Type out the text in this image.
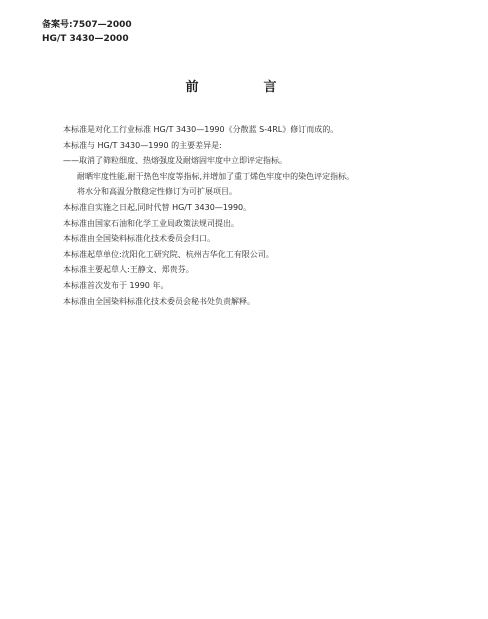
备案号:7507—2000
HG/T 3430—2000
前　言
本标准是对化工行业标准 HG/T 3430—1990《分散蓝 S-4RL》修订而成的。
本标准与 HG/T 3430—1990 的主要差异是:
——取消了筛粒细度、热熔强度及耐熔固牢度中立即评定指标。
耐晒牢度性能,耐干热色牢度等指标,并增加了重丁烯色牢度中的染色评定指标。
将水分和高温分散稳定性修订为可扩展项目。
本标准自实施之日起,同时代替 HG/T 3430—1990。
本标准由国家石油和化学工业局政策法规司提出。
本标准由全国染料标准化技术委员会归口。
本标准起草单位:沈阳化工研究院、杭州吉华化工有限公司。
本标准主要起草人:王静文、郑贵芬。
本标准首次发布于 1990 年。
本标准由全国染料标准化技术委员会秘书处负责解释。
